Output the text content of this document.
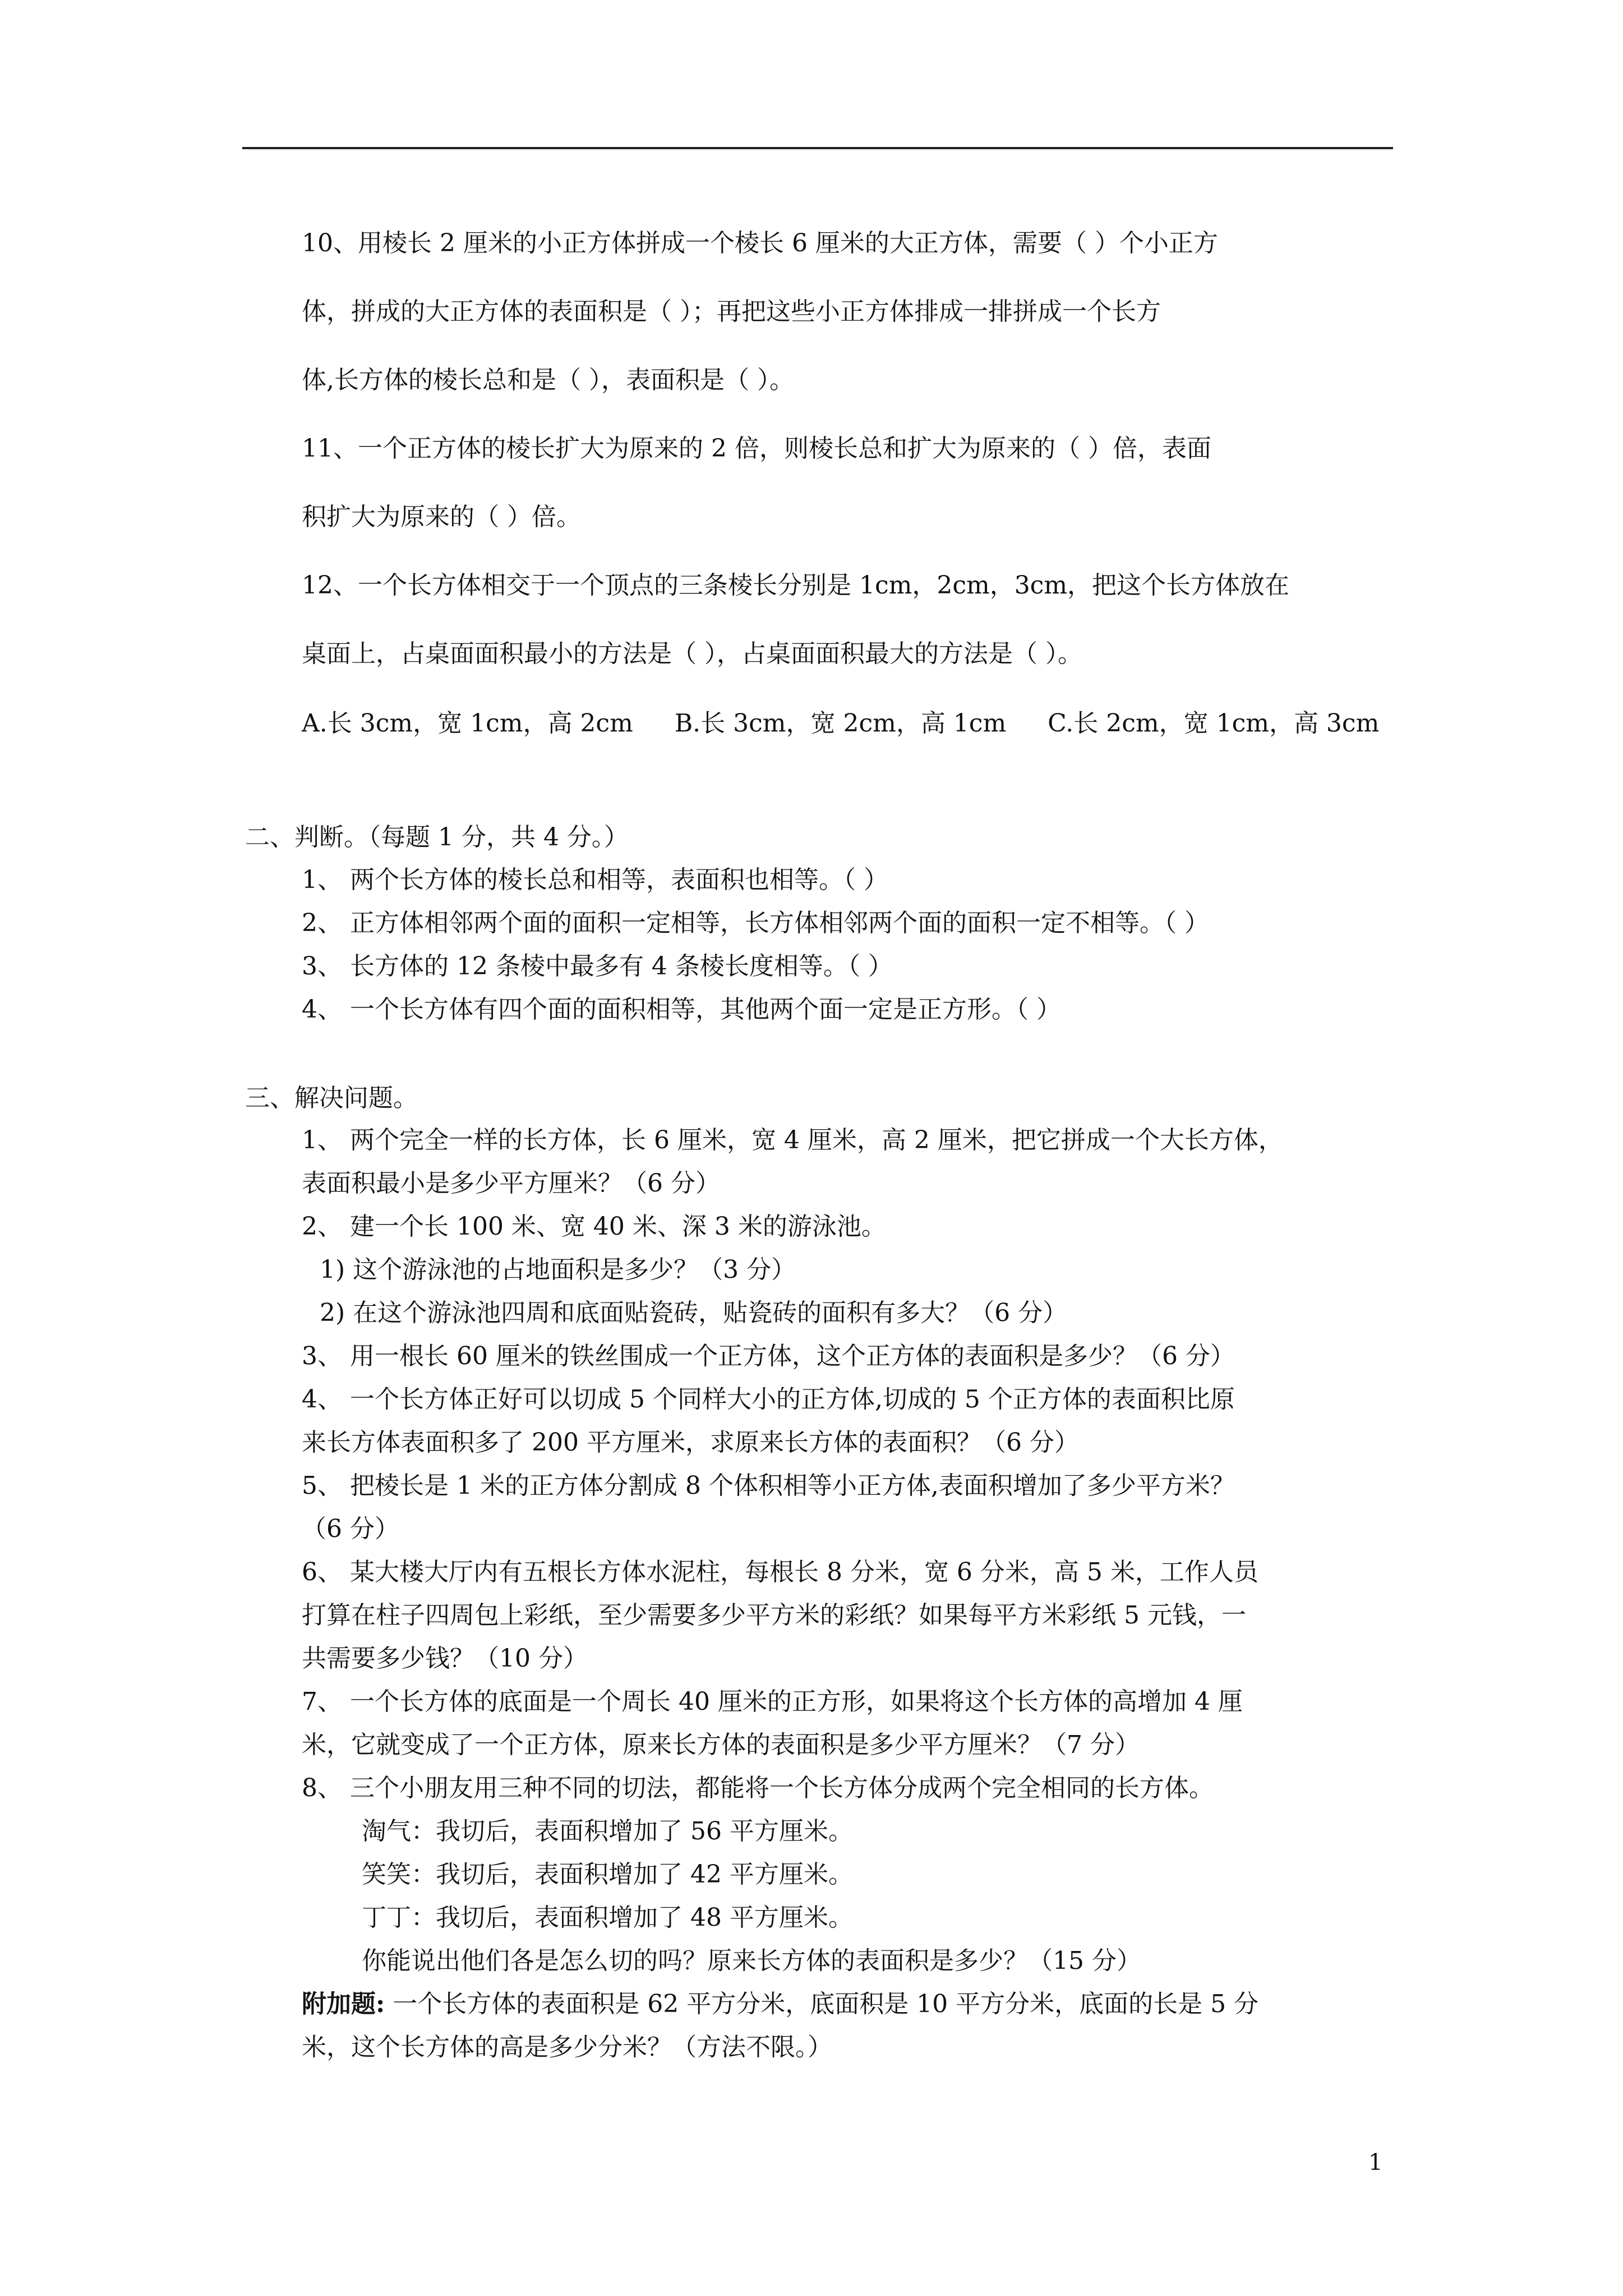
10、用棱长 2 厘米的小正方体拼成一个棱长 6 厘米的大正方体，需要（ ）个小正方
体，拼成的大正方体的表面积是（ ）；再把这些小正方体排成一排拼成一个长方
体,长方体的棱长总和是（ ），表面积是（ ）。
11、一个正方体的棱长扩大为原来的 2 倍，则棱长总和扩大为原来的（ ）倍，表面
积扩大为原来的（ ）倍。
12、一个长方体相交于一个顶点的三条棱长分别是 1cm，2cm，3cm，把这个长方体放在
桌面上，占桌面面积最小的方法是（ ），占桌面面积最大的方法是（ ）。
A.长 3cm，宽 1cm，高 2cm B.长 3cm，宽 2cm，高 1cm C.长 2cm，宽 1cm，高 3cm
二、判断。（每题 1 分，共 4 分。）
1、 两个长方体的棱长总和相等，表面积也相等。（ ）
2、 正方体相邻两个面的面积一定相等，长方体相邻两个面的面积一定不相等。（ ）
3、 长方体的 12 条棱中最多有 4 条棱长度相等。（ ）
4、 一个长方体有四个面的面积相等，其他两个面一定是正方形。（ ）
三、解决问题。
1、 两个完全一样的长方体，长 6 厘米，宽 4 厘米，高 2 厘米，把它拼成一个大长方体，
表面积最小是多少平方厘米？（6 分）
2、 建一个长 100 米、宽 40 米、深 3 米的游泳池。
1) 这个游泳池的占地面积是多少？（3 分）
2) 在这个游泳池四周和底面贴瓷砖，贴瓷砖的面积有多大？（6 分）
3、 用一根长 60 厘米的铁丝围成一个正方体，这个正方体的表面积是多少？（6 分）
4、 一个长方体正好可以切成 5 个同样大小的正方体,切成的 5 个正方体的表面积比原
来长方体表面积多了 200 平方厘米，求原来长方体的表面积？（6 分）
5、 把棱长是 1 米的正方体分割成 8 个体积相等小正方体,表面积增加了多少平方米？
（6 分）
6、 某大楼大厅内有五根长方体水泥柱，每根长 8 分米，宽 6 分米，高 5 米，工作人员
打算在柱子四周包上彩纸，至少需要多少平方米的彩纸？如果每平方米彩纸 5 元钱，一
共需要多少钱？（10 分）
7、 一个长方体的底面是一个周长 40 厘米的正方形，如果将这个长方体的高增加 4 厘
米，它就变成了一个正方体，原来长方体的表面积是多少平方厘米？（7 分）
8、 三个小朋友用三种不同的切法，都能将一个长方体分成两个完全相同的长方体。
淘气：我切后，表面积增加了 56 平方厘米。
笑笑：我切后，表面积增加了 42 平方厘米。
丁丁：我切后，表面积增加了 48 平方厘米。
你能说出他们各是怎么切的吗？原来长方体的表面积是多少？（15 分）
附加题: 一个长方体的表面积是 62 平方分米，底面积是 10 平方分米，底面的长是 5 分
米，这个长方体的高是多少分米？（方法不限。）
1
